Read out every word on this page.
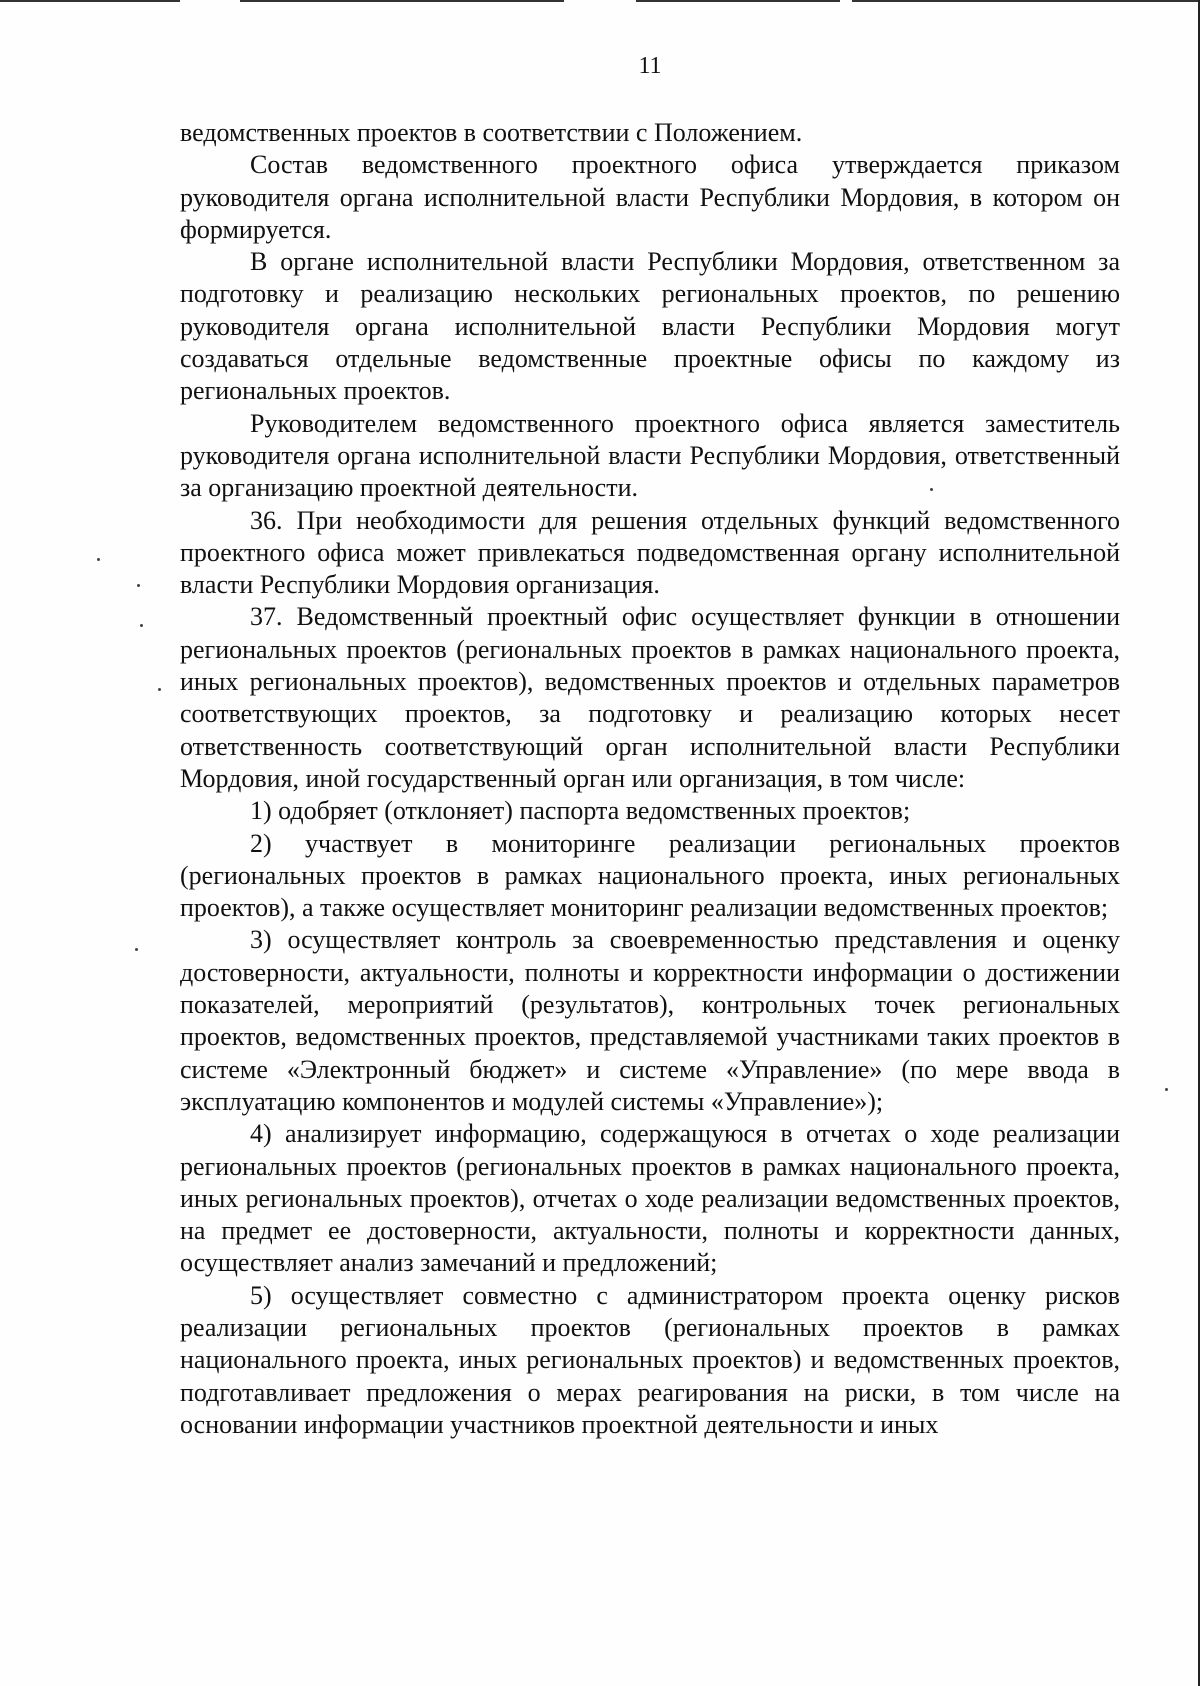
11

ведомственных проектов в соответствии с Положением.

Состав ведомственного проектного офиса утверждается приказом руководителя органа исполнительной власти Республики Мордовия, в котором он формируется.

В органе исполнительной власти Республики Мордовия, ответственном за подготовку и реализацию нескольких региональных проектов, по решению руководителя органа исполнительной власти Республики Мордовия могут создаваться отдельные ведомственные проектные офисы по каждому из региональных проектов.

Руководителем ведомственного проектного офиса является заместитель руководителя органа исполнительной власти Республики Мордовия, ответственный за организацию проектной деятельности.

36. При необходимости для решения отдельных функций ведомственного проектного офиса может привлекаться подведомственная органу исполнительной власти Республики Мордовия организация.

37. Ведомственный проектный офис осуществляет функции в отношении региональных проектов (региональных проектов в рамках национального проекта, иных региональных проектов), ведомственных проектов и отдельных параметров соответствующих проектов, за подготовку и реализацию которых несет ответственность соответствующий орган исполнительной власти Республики Мордовия, иной государственный орган или организация, в том числе:

1) одобряет (отклоняет) паспорта ведомственных проектов;

2) участвует в мониторинге реализации региональных проектов (региональных проектов в рамках национального проекта, иных региональных проектов), а также осуществляет мониторинг реализации ведомственных проектов;

3) осуществляет контроль за своевременностью представления и оценку достоверности, актуальности, полноты и корректности информации о достижении показателей, мероприятий (результатов), контрольных точек региональных проектов, ведомственных проектов, представляемой участниками таких проектов в системе «Электронный бюджет» и системе «Управление» (по мере ввода в эксплуатацию компонентов и модулей системы «Управление»);

4) анализирует информацию, содержащуюся в отчетах о ходе реализации региональных проектов (региональных проектов в рамках национального проекта, иных региональных проектов), отчетах о ходе реализации ведомственных проектов, на предмет ее достоверности, актуальности, полноты и корректности данных, осуществляет анализ замечаний и предложений;

5) осуществляет совместно с администратором проекта оценку рисков реализации региональных проектов (региональных проектов в рамках национального проекта, иных региональных проектов) и ведомственных проектов, подготавливает предложения о мерах реагирования на риски, в том числе на основании информации участников проектной деятельности и иных
